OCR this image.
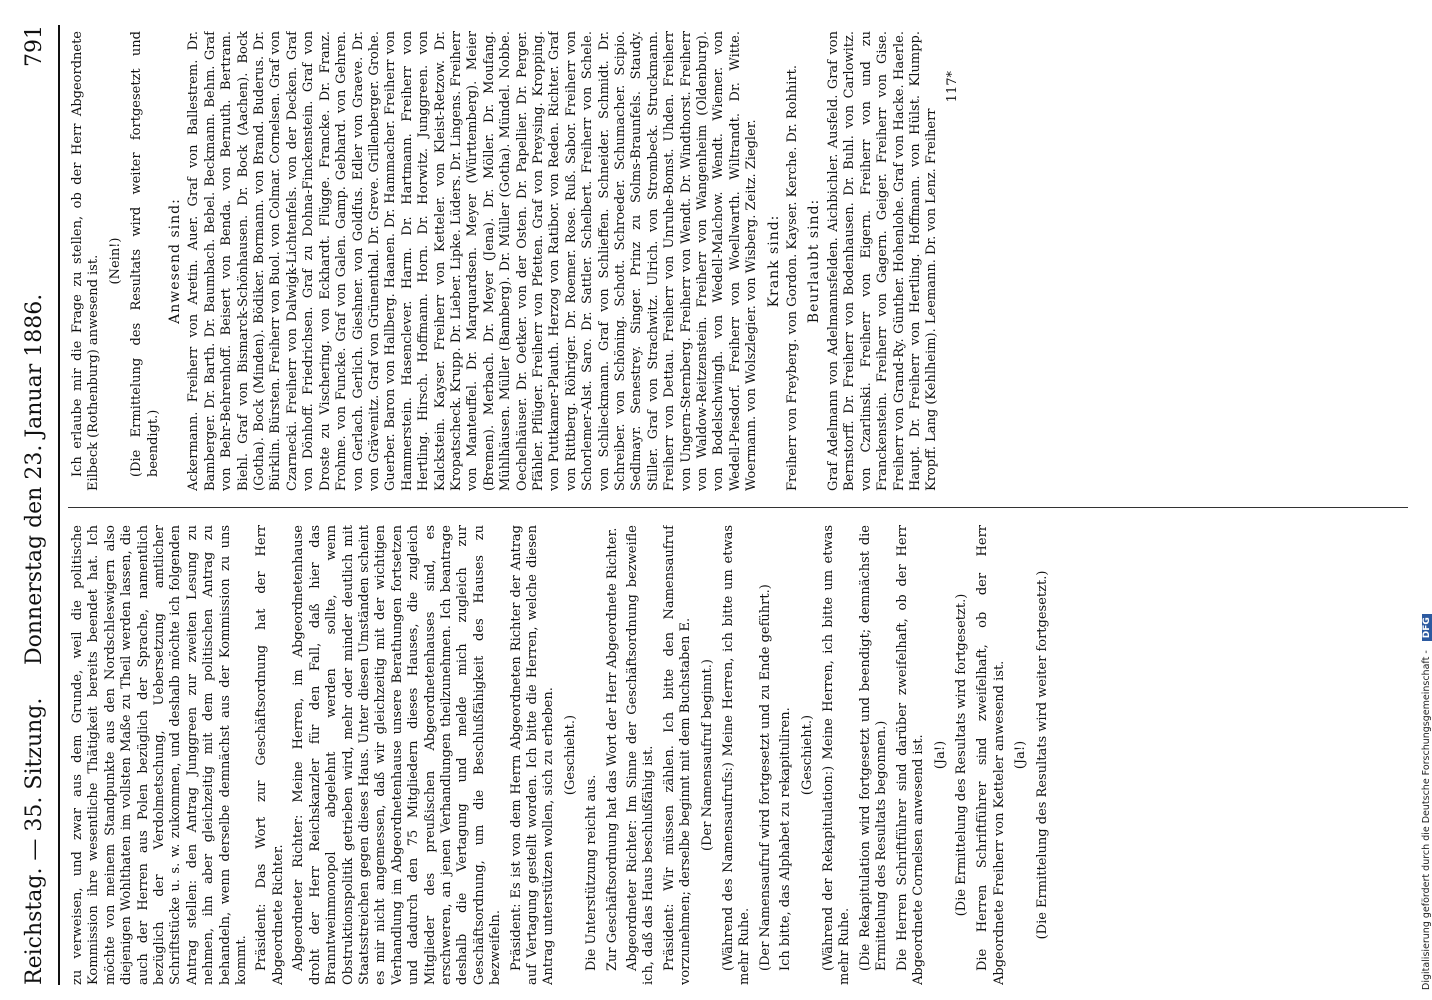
Reichstag. — 35. Sitzung.
Donnerstag den 23. Januar 1886.
791

zu verweisen, und zwar aus dem Grunde, weil die politische Kommission ihre wesentliche Thätigkeit bereits beendet hat. Ich möchte von meinem Standpunkte aus den Nordschleswigern also diejenigen Wohlthaten im vollsten Maße zu Theil werden lassen, die auch der Herren aus Polen bezüglich der Sprache, namentlich bezüglich der Verdolmetschung, Uebersetzung amtlicher Schriftstücke u. s. w. zukommen, und deshalb möchte ich folgenden Antrag stellen: den Antrag Junggreen zur zweiten Lesung zu nehmen, ihn aber gleichzeitig mit dem politischen Antrag zu behandeln, wenn derselbe demnächst aus der Kommission zu uns kommt. Präsident: Das Wort zur Geschäftsordnung hat der Herr Abgeordnete Richter. Abgeordneter Richter: Meine Herren, im Abgeordnetenhause droht der Herr Reichskanzler für den Fall, daß hier das Branntweinmonopol abgelehnt werden sollte, wenn Obstruktionspolitik getrieben wird, mehr oder minder deutlich mit Staatsstreichen gegen dieses Haus. Unter diesen Umständen scheint es mir nicht angemessen, daß wir gleichzeitig mit der wichtigen Verhandlung im Abgeordnetenhause unsere Berathungen fortsetzen und dadurch den 75 Mitgliedern dieses Hauses, die zugleich Mitglieder des preußischen Abgeordnetenhauses sind, es erschweren, an jenen Verhandlungen theilzunehmen. Ich beantrage deshalb die Vertagung und melde mich zugleich zur Geschäftsordnung, um die Beschlußfähigkeit des Hauses zu bezweifeln. Präsident: Es ist von dem Herrn Abgeordneten Richter der Antrag auf Vertagung gestellt worden. Ich bitte die Herren, welche diesen Antrag unterstützen wollen, sich zu erheben. (Geschieht.)

Die Unterstützung reicht aus. Zur Geschäftsordnung hat das Wort der Herr Abgeordnete Richter. Abgeordneter Richter: Im Sinne der Geschäftsordnung bezweifle ich, daß das Haus beschlußfähig ist. Präsident: Wir müssen zählen. Ich bitte den Namensaufruf vorzunehmen; derselbe beginnt mit dem Buchstaben E. (Der Namensaufruf beginnt.) (Während des Namensaufrufs:) Meine Herren, ich bitte um etwas mehr Ruhe. (Der Namensaufruf wird fortgesetzt und zu Ende geführt.) Ich bitte, das Alphabet zu rekapituliren. (Geschieht.) (Während der Rekapitulation:) Meine Herren, ich bitte um etwas mehr Ruhe. (Die Rekapitulation wird fortgesetzt und beendigt; demnächst die Ermittelung des Resultats begonnen.) Die Herren Schriftführer sind darüber zweifelhaft, ob der Herr Abgeordnete Cornelsen anwesend ist. (Ja!) (Die Ermittelung des Resultats wird fortgesetzt.) Die Herren Schriftführer sind zweifelhaft, ob der Herr Abgeordnete Freiherr von Ketteler anwesend ist. (Ja!) (Die Ermittelung des Resultats wird weiter fortgesetzt.)

Ich erlaube mir die Frage zu stellen, ob der Herr Abgeordnete Eilbeck (Rothenburg) anwesend ist. (Nein!) (Die Ermittelung des Resultats wird weiter fortgesetzt und beendigt.)

Anwesend sind: Ackermann. Freiherr von Aretin. Auer. Graf von Ballestrem. Dr. Bamberger. Dr. Barth. Dr. Baumbach. Bebel. Beckmann. Behm. Graf von Behr-Behrenhoff. Beisert von Benda. von Bernuth. Bertram. Biehl. Graf von Bismarck-Schönhausen. Dr. Bock (Aachen). Bock (Gotha). Bock (Minden). Bödiker. Bormann. von Brand. Buderus. Dr. Bürklin. Bürsten. Freiherr von Buol. von Colmar. Cornelsen. Graf von Czarnecki. Freiherr von Dalwigk-Lichtenfels. von der Decken. Graf von Dönhoff. Friedrichsen. Graf zu Dohna-Finckenstein. Graf von Droste zu Vischering. von Eckhardt. Flügge. Francke. Dr. Franz. Frohme. von Funcke. Graf von Galen. Gamp. Gebhard. von Gehren. von Gerlach. Gerlich. Gieshner. von Goldfus. Edler von Graeve. Dr. von Grävenitz. Graf von Grünenthal. Dr. Greve. Grillenberger. Grohe. Guerber. Baron von Hallberg. Haanen. Dr. Hammacher. Freiherr von Hammerstein. Hasenclever. Harm. Dr. Hartmann. Freiherr von Hertling. Hirsch. Hoffmann. Horn. Dr. Horwitz. Junggreen. von Kalckstein. Kayser. Freiherr von Ketteler. von Kleist-Retzow. Dr. Kropatscheck. Krupp. Dr. Lieber. Lipke. Lüders. Dr. Lingens. Freiherr von Manteuffel. Dr. Marquardsen. Meyer (Württemberg). Meier (Bremen). Merbach. Dr. Meyer (Jena). Dr. Möller. Dr. Moufang. Mühlhäusen. Müller (Bamberg). Dr. Müller (Gotha). Mündel. Nobbe. Oechelhäuser. Dr. Oetker. von der Osten. Dr. Papellier. Dr. Perger. Pfähler. Pflüger. Freiherr von Pfetten. Graf von Preysing. Kropping. von Puttkamer-Plauth. Herzog von Ratibor. von Reden. Richter. Graf von Rittberg. Röhriger. Dr. Roemer. Rose. Ruß. Sabor. Freiherr von Schorlemer-Alst. Saro. Dr. Sattler. Schelbert. Freiherr von Schele. von Schlieckmann. Graf von Schlieffen. Schneider. Schmidt. Dr. Schreiber. von Schöning. Schott. Schroeder. Schumacher. Scipio. Sedlmayr. Senestrey. Singer. Prinz zu Solms-Braunfels. Staudy. Stiller. Graf von Strachwitz. Ulrich. von Strombeck. Struckmann. Freiherr von Dettau. Freiherr von Unruhe-Bomst. Uhden. Freiherr von Ungern-Sternberg. Freiherr von Wendt. Dr. Windthorst. Freiherr von Waldow-Reitzenstein. Freiherr von Wangenheim (Oldenburg). von Bodelschwingh. von Wedell-Malchow. Wendt. Wiemer. von Wedell-Piesdorf. Freiherr von Woellwarth. Wiltrandt. Dr. Witte. Woermann. von Wolszlegier. von Wisberg. Zeitz. Ziegler. Krank sind: Freiherr von Freyberg. von Gordon. Kayser. Kerche. Dr. Rohhirt. Beurlaubt sind: Graf Adelmann von Adelmannsfelden. Aichbichler. Ausfeld. Graf von Bernstorff. Dr. Freiherr von Bodenhausen. Dr. Buhl. von Carlowitz. von Czarlinski. Freiherr von Eigern. Freiherr von und zu Franckenstein. Freiherr von Gagern. Geiger. Freiherr von Gise. Freiherr von Grand-Ry. Günther. Hohenlohe. Graf von Hacke. Haerle. Haupt. Dr. Freiherr von Hertling. Hoffmann. von Hülst. Klumpp. Kropff. Lang (Kehlheim). Leemann. Dr. von Lenz. Freiherr

117*
Digitalisierung gefördert durch die Deutsche Forschungsgemeinschaft - DFG
